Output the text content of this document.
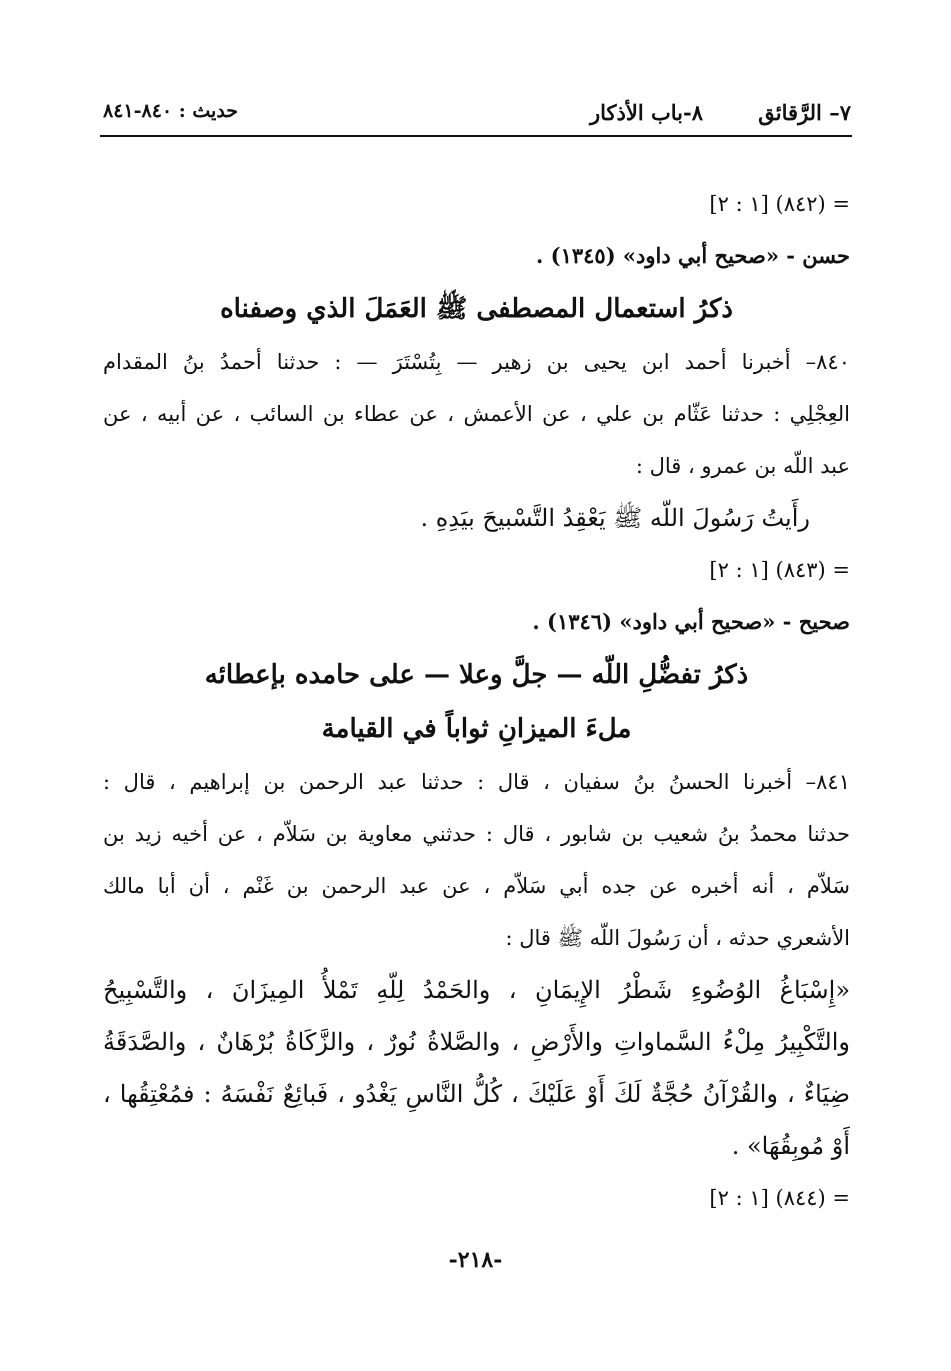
٧– الرَّقائق
٨-باب الأذكار
حديث : ٨٤٠-٨٤١
= (٨٤٢) [١ : ٢]
حسن - «صحيح أبي داود» (١٣٤٥) .
ذكرُ استعمال المصطفى ﷺ العَمَلَ الذي وصفناه
٨٤٠– أخبرنا أحمد ابن يحيى بن زهير — بِتُسْتَرَ — : حدثنا أحمدُ بنُ المقدام
العِجْلِي : حدثنا عَثّام بن علي ، عن الأعمش ، عن عطاء بن السائب ، عن أبيه ، عن
عبد اللّه بن عمرو ، قال :
رأَيتُ رَسُولَ اللّه ﷺ يَعْقِدُ التَّسْبيحَ بيَدِهِ .
= (٨٤٣) [١ : ٢]
صحيح - «صحيح أبي داود» (١٣٤٦) .
ذكرُ تفضُّلِ اللّه — جلَّ وعلا — على حامده بإعطائه
ملءَ الميزانِ ثواباً في القيامة
٨٤١– أخبرنا الحسنُ بنُ سفيان ، قال : حدثنا عبد الرحمن بن إبراهيم ، قال :
حدثنا محمدُ بنُ شعيب بن شابور ، قال : حدثني معاوية بن سَلاّم ، عن أخيه زيد بن
سَلاّم ، أنه أخبره عن جده أبي سَلاّم ، عن عبد الرحمن بن غَنْم ، أن أبا مالك
الأشعري حدثه ، أن رَسُولَ اللّه ﷺ قال :
«إِسْبَاغُ الوُضُوءِ شَطْرُ الإِيمَانِ ، والحَمْدُ لِلّهِ تَمْلأُ المِيزَانَ ، والتَّسْبِيحُ
والتَّكْبِيرُ مِلْءُ السَّماواتِ والأَرْضِ ، والصَّلاةُ نُورٌ ، والزَّكَاةُ بُرْهَانٌ ، والصَّدَقَةُ
ضِيَاءٌ ، والقُرْآنُ حُجَّةٌ لَكَ أَوْ عَلَيْكَ ، كُلُّ النَّاسِ يَغْدُو ، فَبائِعٌ نَفْسَهُ : فمُعْتِقُها ،
أَوْ مُوبِقُهَا» .
= (٨٤٤) [١ : ٢]
-٢١٨-
